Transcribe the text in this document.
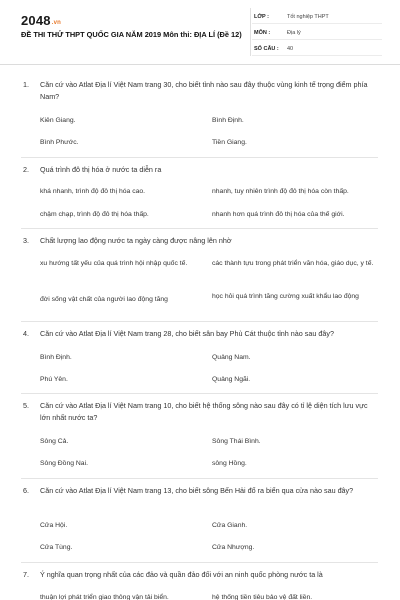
2048.vn
ĐỀ THI THỬ THPT QUỐC GIA NĂM 2019 Môn thi: ĐỊA LÍ (Đề 12)
LỚP :	Tốt nghiệp THPT
MÔN :	Địa lý
SỐ CÂU :	40
1. Căn cứ vào Atlat Địa lí Việt Nam trang 30, cho biết tỉnh nào sau đây thuộc vùng kinh tế trọng điểm phía Nam?
Kiên Giang.	Bình Định.
Bình Phước.	Tiền Giang.
2. Quá trình đô thị hóa ở nước ta diễn ra
khá nhanh, trình độ đô thị hóa cao.	nhanh, tuy nhiên trình độ đô thị hóa còn thấp.
chậm chạp, trình độ đô thị hóa thấp.	nhanh hơn quá trình đô thị hóa của thế giới.
3. Chất lượng lao động nước ta ngày càng được nâng lên nhờ
xu hướng tất yếu của quá trình hội nhập quốc tế.	các thành tựu trong phát triển văn hóa, giáo dục, y tế.
đời sống vật chất của người lao động tăng	học hỏi quá trình tăng cường xuất khẩu lao động
4. Căn cứ vào Atlat Địa lí Việt Nam trang 28, cho biết sân bay Phù Cát thuộc tỉnh nào sau đây?
Bình Định.	Quảng Nam.
Phú Yên.	Quảng Ngãi.
5. Căn cứ vào Atlat Địa lí Việt Nam trang 10, cho biết hệ thống sông nào sau đây có tỉ lệ diện tích lưu vực lớn nhất nước ta?
Sông Cả.	Sông Thái Bình.
Sông Đồng Nai.	sông Hồng.
6. Căn cứ vào Atlat Địa lí Việt Nam trang 13, cho biết sông Bến Hải đổ ra biển qua cửa nào sau đây?
Cửa Hội.	Cửa Gianh.
Cửa Tùng.	Cửa Nhượng.
7. Ý nghĩa quan trọng nhất của các đảo và quần đảo đối với an ninh quốc phòng nước ta là
thuận lợi phát triển giao thông vận tải biển.	hệ thống tiền tiêu bảo vệ đất liền.
